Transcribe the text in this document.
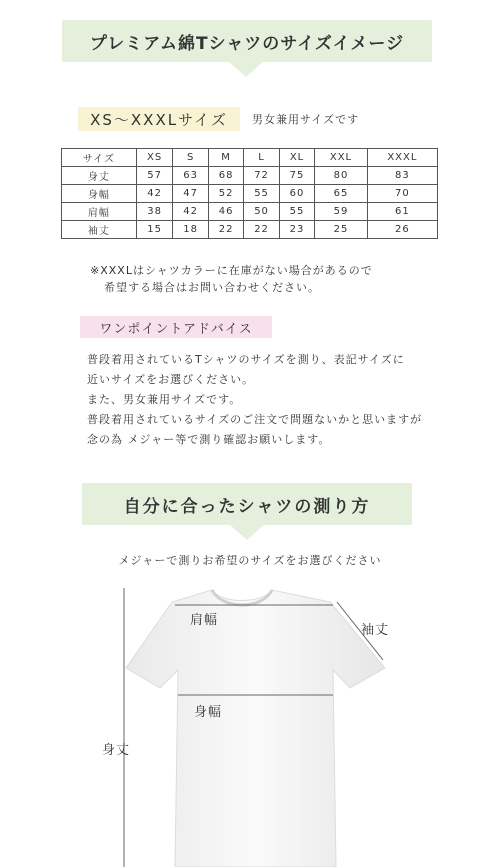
プレミアム綿Tシャツのサイズイメージ
XS〜XXXLサイズ	男女兼用サイズです
サイズ	XS	S	M	L	XL	XXL	XXXL
身丈	57	63	68	72	75	80	83
身幅	42	47	52	55	60	65	70
肩幅	38	42	46	50	55	59	61
袖丈	15	18	22	22	23	25	26
※XXXLはシャツカラーに在庫がない場合があるので
希望する場合はお問い合わせください。
ワンポイントアドバイス
普段着用されているTシャツのサイズを測り、表記サイズに
近いサイズをお選びください。
また、男女兼用サイズです。
普段着用されているサイズのご注文で問題ないかと思いますが
念の為 メジャー等で測り確認お願いします。
自分に合ったシャツの測り方
メジャーで測りお希望のサイズをお選びください
肩幅
袖丈
身幅
身丈
